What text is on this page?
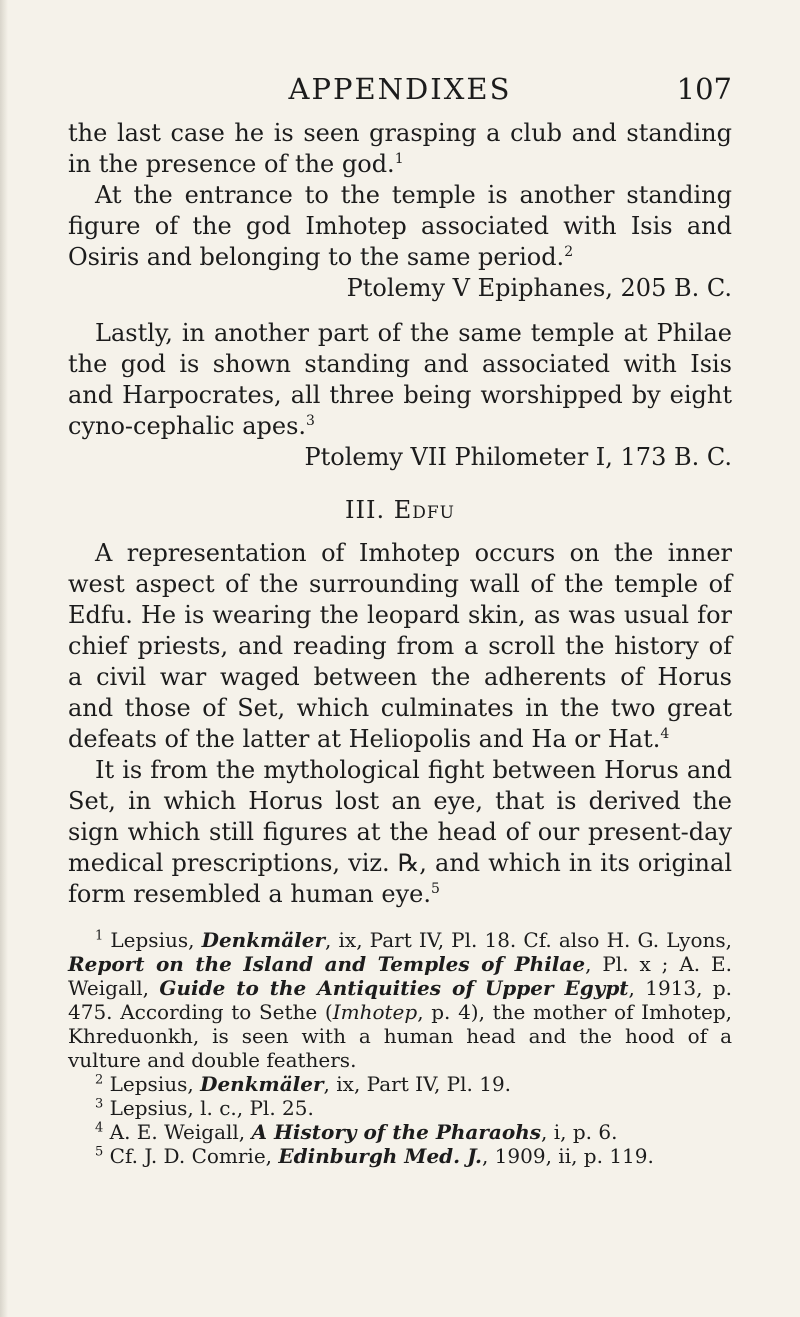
APPENDIXES	107

the last case he is seen grasping a club and standing in the presence of the god.$^1$

At the entrance to the temple is another standing figure of the god Imhotep associated with Isis and Osiris and belonging to the same period.$^2$

Ptolemy V Epiphanes, 205 B. C.

Lastly, in another part of the same temple at Philae the god is shown standing and associated with Isis and Harpocrates, all three being worshipped by eight cyno-cephalic apes.$^3$

Ptolemy VII Philometer I, 173 B. C.

III. Edfu

A representation of Imhotep occurs on the inner west aspect of the surrounding wall of the temple of Edfu. He is wearing the leopard skin, as was usual for chief priests, and reading from a scroll the history of a civil war waged between the adherents of Horus and those of Set, which culminates in the two great defeats of the latter at Heliopolis and Ha or Hat.$^4$

It is from the mythological fight between Horus and Set, in which Horus lost an eye, that is derived the sign which still figures at the head of our present-day medical prescriptions, viz. ℞, and which in its original form resembled a human eye.$^5$

$^1$ Lepsius, Denkmäler, ix, Part IV, Pl. 18. Cf. also H. G. Lyons, Report on the Island and Temples of Philae, Pl. x ; A. E. Weigall, Guide to the Antiquities of Upper Egypt, 1913, p. 475. According to Sethe (Imhotep, p. 4), the mother of Imhotep, Khreduonkh, is seen with a human head and the hood of a vulture and double feathers.

$^2$ Lepsius, Denkmäler, ix, Part IV, Pl. 19.

$^3$ Lepsius, l. c., Pl. 25.

$^4$ A. E. Weigall, A History of the Pharaohs, i, p. 6.

$^5$ Cf. J. D. Comrie, Edinburgh Med. J., 1909, ii, p. 119.
